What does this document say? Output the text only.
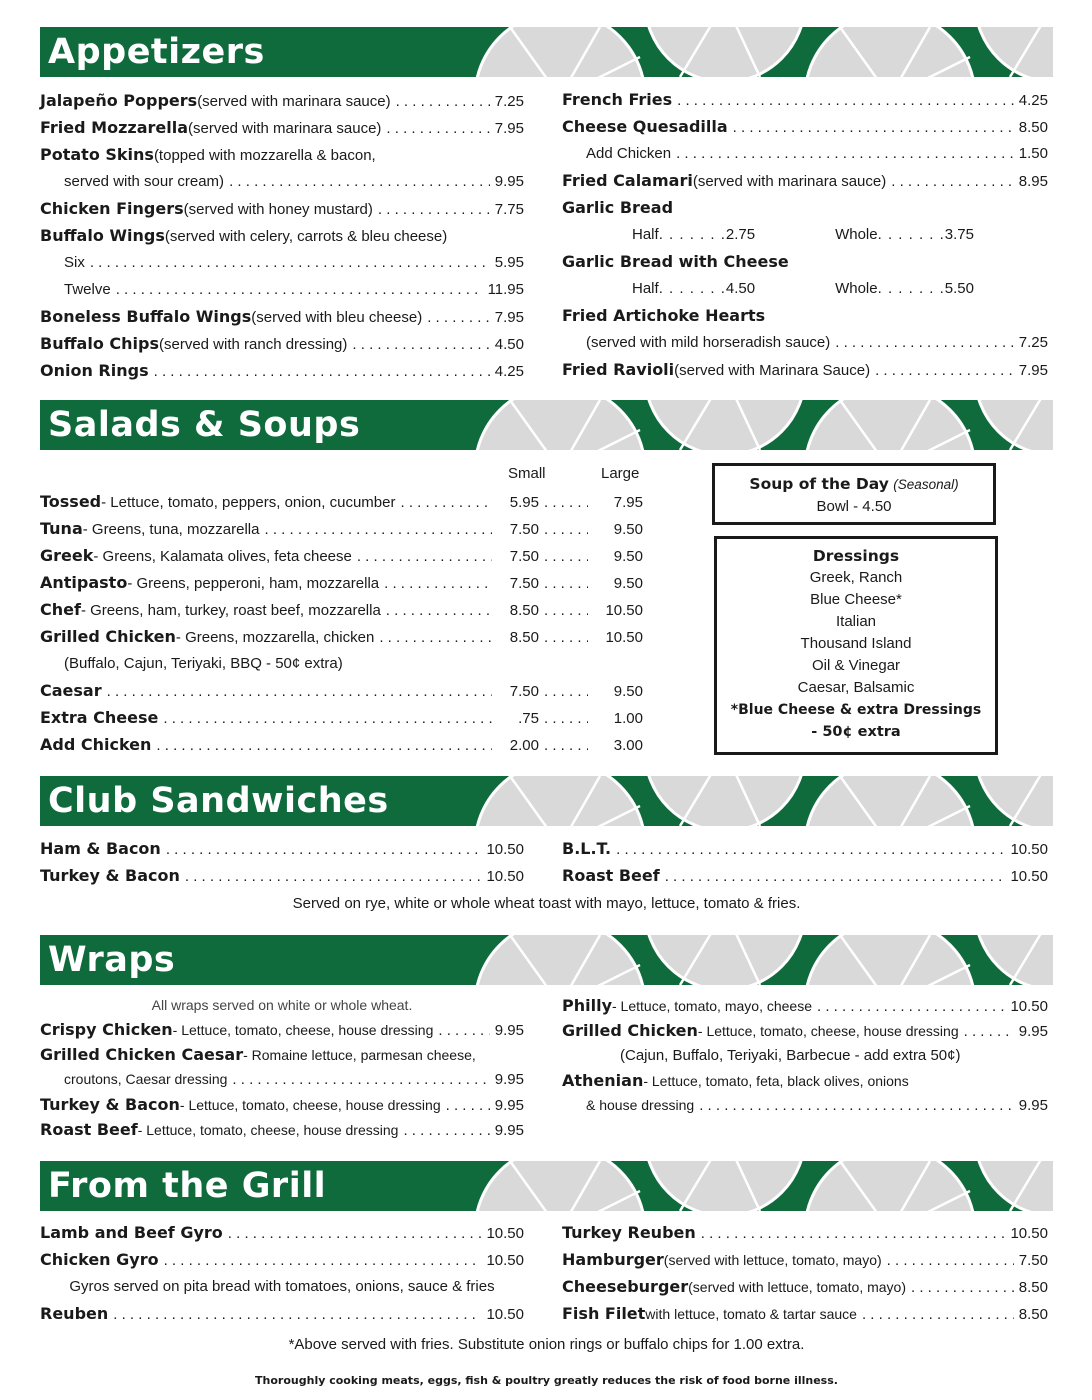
Appetizers
Jalapeño Poppers (served with marinara sauce) . . .	7.25
Fried Mozzarella (served with marinara sauce) . . .	7.95
Potato Skins (topped with mozzarella & bacon,
served with sour cream) . . .	9.95
Chicken Fingers (served with honey mustard) . . .	7.75
Buffalo Wings (served with celery, carrots & bleu cheese)
Six . . .	5.95
Twelve . . .	11.95
Boneless Buffalo Wings (served with bleu cheese) . . .	7.95
Buffalo Chips (served with ranch dressing) . . .	4.50
Onion Rings . . .	4.25
French Fries . . .	4.25
Cheese Quesadilla . . .	8.50
Add Chicken . . .	1.50
Fried Calamari (served with marinara sauce) . . .	8.95
Garlic Bread
Half . . . . . . . 2.75	Whole . . . . . . . 3.75
Garlic Bread with Cheese
Half . . . . . . . 4.50	Whole . . . . . . . 5.50
Fried Artichoke Hearts
(served with mild horseradish sauce) . . .	7.25
Fried Ravioli (served with Marinara Sauce) . . .	7.95
Salads & Soups
Small	Large
Tossed - Lettuce, tomato, peppers, onion, cucumber . . .	5.95 . . .	7.95
Tuna - Greens, tuna, mozzarella . . .	7.50 . . .	9.50
Greek - Greens, Kalamata olives, feta cheese . . .	7.50 . . .	9.50
Antipasto - Greens, pepperoni, ham, mozzarella . . .	7.50 . . .	9.50
Chef - Greens, ham, turkey, roast beef, mozzarella . . .	8.50 . . .	10.50
Grilled Chicken - Greens, mozzarella, chicken . . .	8.50 . . .	10.50
(Buffalo, Cajun, Teriyaki, BBQ - 50¢ extra)
Caesar . . .	7.50 . . .	9.50
Extra Cheese . . .	.75 . . .	1.00
Add Chicken . . .	2.00 . . .	3.00
Soup of the Day (Seasonal)
Bowl - 4.50
Dressings
Greek, Ranch
Blue Cheese*
Italian
Thousand Island
Oil & Vinegar
Caesar, Balsamic
*Blue Cheese & extra Dressings
- 50¢ extra
Club Sandwiches
Ham & Bacon . . .	10.50
Turkey & Bacon . . .	10.50
B.L.T. . . .	10.50
Roast Beef . . .	10.50
Served on rye, white or whole wheat toast with mayo, lettuce, tomato & fries.
Wraps
All wraps served on white or whole wheat.
Crispy Chicken - Lettuce, tomato, cheese, house dressing . . .	9.95
Grilled Chicken Caesar - Romaine lettuce, parmesan cheese,
croutons, Caesar dressing . . .	9.95
Turkey & Bacon - Lettuce, tomato, cheese, house dressing . . .	9.95
Roast Beef - Lettuce, tomato, cheese, house dressing . . .	9.95
Philly - Lettuce, tomato, mayo, cheese . . .	10.50
Grilled Chicken - Lettuce, tomato, cheese, house dressing . . .	9.95
(Cajun, Buffalo, Teriyaki, Barbecue - add extra 50¢)
Athenian - Lettuce, tomato, feta, black olives, onions
& house dressing . . .	9.95
From the Grill
Lamb and Beef Gyro . . .	10.50
Chicken Gyro . . .	10.50
Gyros served on pita bread with tomatoes, onions, sauce & fries
Reuben . . .	10.50
Turkey Reuben . . .	10.50
Hamburger (served with lettuce, tomato, mayo) . . .	7.50
Cheeseburger (served with lettuce, tomato, mayo) . . .	8.50
Fish Filet with lettuce, tomato & tartar sauce . . .	8.50
*Above served with fries. Substitute onion rings or buffalo chips for 1.00 extra.
Thoroughly cooking meats, eggs, fish & poultry greatly reduces the risk of food borne illness.
